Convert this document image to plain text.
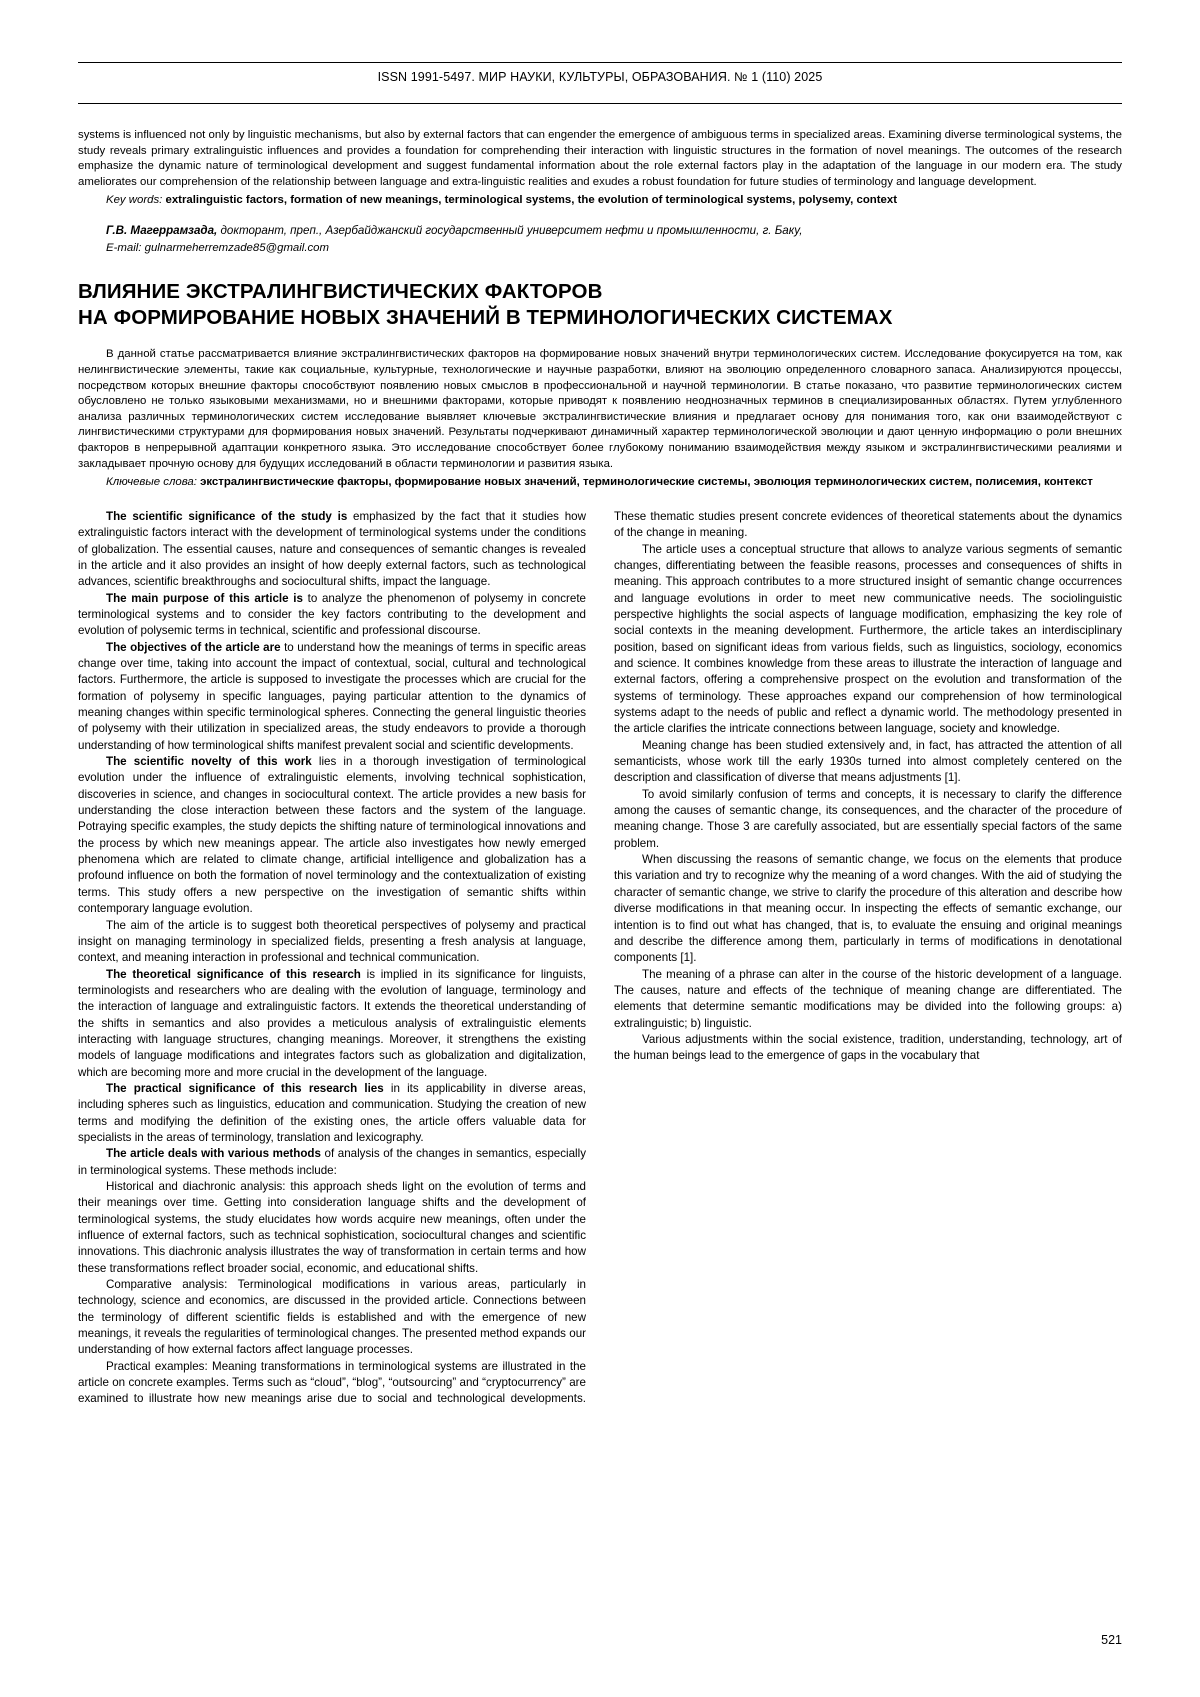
ISSN 1991-5497. МИР НАУКИ, КУЛЬТУРЫ, ОБРАЗОВАНИЯ. № 1 (110) 2025

systems is influenced not only by linguistic mechanisms, but also by external factors that can engender the emergence of ambiguous terms in specialized areas. Examining diverse terminological systems, the study reveals primary extralinguistic influences and provides a foundation for comprehending their interaction with linguistic structures in the formation of novel meanings. The outcomes of the research emphasize the dynamic nature of terminological development and suggest fundamental information about the role external factors play in the adaptation of the language in our modern era. The study ameliorates our comprehension of the relationship between language and extra-linguistic realities and exudes a robust foundation for future studies of terminology and language development.

Key words: extralinguistic factors, formation of new meanings, terminological systems, the evolution of terminological systems, polysemy, context
Г.В. Магеррамзада, докторант, преп., Азербайджанский государственный университет нефти и промышленности, г. Баку,
E-mail: gulnarmeherremzade85@gmail.com
ВЛИЯНИЕ ЭКСТРАЛИНГВИСТИЧЕСКИХ ФАКТОРОВ
НА ФОРМИРОВАНИЕ НОВЫХ ЗНАЧЕНИЙ В ТЕРМИНОЛОГИЧЕСКИХ СИСТЕМАХ

В данной статье рассматривается влияние экстралингвистических факторов на формирование новых значений внутри терминологических систем. Исследование фокусируется на том, как нелингвистические элементы, такие как социальные, культурные, технологические и научные разработки, влияют на эволюцию определенного словарного запаса. Анализируются процессы, посредством которых внешние факторы способствуют появлению новых смыслов в профессиональной и научной терминологии. В статье показано, что развитие терминологических систем обусловлено не только языковыми механизмами, но и внешними факторами, которые приводят к появлению неоднозначных терминов в специализированных областях. Путем углубленного анализа различных терминологических систем исследование выявляет ключевые экстралингвистические влияния и предлагает основу для понимания того, как они взаимодействуют с лингвистическими структурами для формирования новых значений. Результаты подчеркивают динамичный характер терминологической эволюции и дают ценную информацию о роли внешних факторов в непрерывной адаптации конкретного языка. Это исследование способствует более глубокому пониманию взаимодействия между языком и экстралингвистическими реалиями и закладывает прочную основу для будущих исследований в области терминологии и развития языка.

Ключевые слова: экстралингвистические факторы, формирование новых значений, терминологические системы, эволюция терминологических систем, полисемия, контекст

The scientific significance of the study is emphasized by the fact that it studies how extralinguistic factors interact with the development of terminological systems under the conditions of globalization. The essential causes, nature and consequences of semantic changes is revealed in the article and it also provides an insight of how deeply external factors, such as technological advances, scientific breakthroughs and sociocultural shifts, impact the language.

The main purpose of this article is to analyze the phenomenon of polysemy in concrete terminological systems and to consider the key factors contributing to the development and evolution of polysemic terms in technical, scientific and professional discourse.

The objectives of the article are to understand how the meanings of terms in specific areas change over time, taking into account the impact of contextual, social, cultural and technological factors. Furthermore, the article is supposed to investigate the processes which are crucial for the formation of polysemy in specific languages, paying particular attention to the dynamics of meaning changes within specific terminological spheres. Connecting the general linguistic theories of polysemy with their utilization in specialized areas, the study endeavors to provide a thorough understanding of how terminological shifts manifest prevalent social and scientific developments.

The scientific novelty of this work lies in a thorough investigation of terminological evolution under the influence of extralinguistic elements, involving technical sophistication, discoveries in science, and changes in sociocultural context. The article provides a new basis for understanding the close interaction between these factors and the system of the language. Potraying specific examples, the study depicts the shifting nature of terminological innovations and the process by which new meanings appear. The article also investigates how newly emerged phenomena which are related to climate change, artificial intelligence and globalization has a profound influence on both the formation of novel terminology and the contextualization of existing terms. This study offers a new perspective on the investigation of semantic shifts within contemporary language evolution.

The aim of the article is to suggest both theoretical perspectives of polysemy and practical insight on managing terminology in specialized fields, presenting a fresh analysis at language, context, and meaning interaction in professional and technical communication.

The theoretical significance of this research is implied in its significance for linguists, terminologists and researchers who are dealing with the evolution of language, terminology and the interaction of language and extralinguistic factors. It extends the theoretical understanding of the shifts in semantics and also provides a meticulous analysis of extralinguistic elements interacting with language structures, changing meanings. Moreover, it strengthens the existing models of language modifications and integrates factors such as globalization and digitalization, which are becoming more and more crucial in the development of the language.

The practical significance of this research lies in its applicability in diverse areas, including spheres such as linguistics, education and communication. Studying the creation of new terms and modifying the definition of the existing ones, the article offers valuable data for specialists in the areas of terminology, translation and lexicography.

The article deals with various methods of analysis of the changes in semantics, especially in terminological systems. These methods include:

Historical and diachronic analysis: this approach sheds light on the evolution of terms and their meanings over time. Getting into consideration language shifts and the development of terminological systems, the study elucidates how words acquire new meanings, often under the influence of external factors, such as technical sophistication, sociocultural changes and scientific innovations. This diachronic analysis illustrates the way of transformation in certain terms and how these transformations reflect broader social, economic, and educational shifts.

Comparative analysis: Terminological modifications in various areas, particularly in technology, science and economics, are discussed in the provided article. Connections between the terminology of different scientific fields is established and with the emergence of new meanings, it reveals the regularities of terminological changes. The presented method expands our understanding of how external factors affect language processes.

Practical examples: Meaning transformations in terminological systems are illustrated in the article on concrete examples. Terms such as “cloud”, “blog”, “outsourcing” and “cryptocurrency” are examined to illustrate how new meanings arise due to social and technological developments. These thematic studies present concrete evidences of theoretical statements about the dynamics of the change in meaning.

The article uses a conceptual structure that allows to analyze various segments of semantic changes, differentiating between the feasible reasons, processes and consequences of shifts in meaning. This approach contributes to a more structured insight of semantic change occurrences and language evolutions in order to meet new communicative needs. The sociolinguistic perspective highlights the social aspects of language modification, emphasizing the key role of social contexts in the meaning development. Furthermore, the article takes an interdisciplinary position, based on significant ideas from various fields, such as linguistics, sociology, economics and science. It combines knowledge from these areas to illustrate the interaction of language and external factors, offering a comprehensive prospect on the evolution and transformation of the systems of terminology. These approaches expand our comprehension of how terminological systems adapt to the needs of public and reflect a dynamic world. The methodology presented in the article clarifies the intricate connections between language, society and knowledge.

Meaning change has been studied extensively and, in fact, has attracted the attention of all semanticists, whose work till the early 1930s turned into almost completely centered on the description and classification of diverse that means adjustments [1].

To avoid similarly confusion of terms and concepts, it is necessary to clarify the difference among the causes of semantic change, its consequences, and the character of the procedure of meaning change. Those 3 are carefully associated, but are essentially special factors of the same problem.

When discussing the reasons of semantic change, we focus on the elements that produce this variation and try to recognize why the meaning of a word changes. With the aid of studying the character of semantic change, we strive to clarify the procedure of this alteration and describe how diverse modifications in that meaning occur. In inspecting the effects of semantic exchange, our intention is to find out what has changed, that is, to evaluate the ensuing and original meanings and describe the difference among them, particularly in terms of modifications in denotational components [1].

The meaning of a phrase can alter in the course of the historic development of a language. The causes, nature and effects of the technique of meaning change are differentiated. The elements that determine semantic modifications may be divided into the following groups: a) extralinguistic; b) linguistic.

Various adjustments within the social existence, tradition, understanding, technology, art of the human beings lead to the emergence of gaps in the vocabulary that

521
